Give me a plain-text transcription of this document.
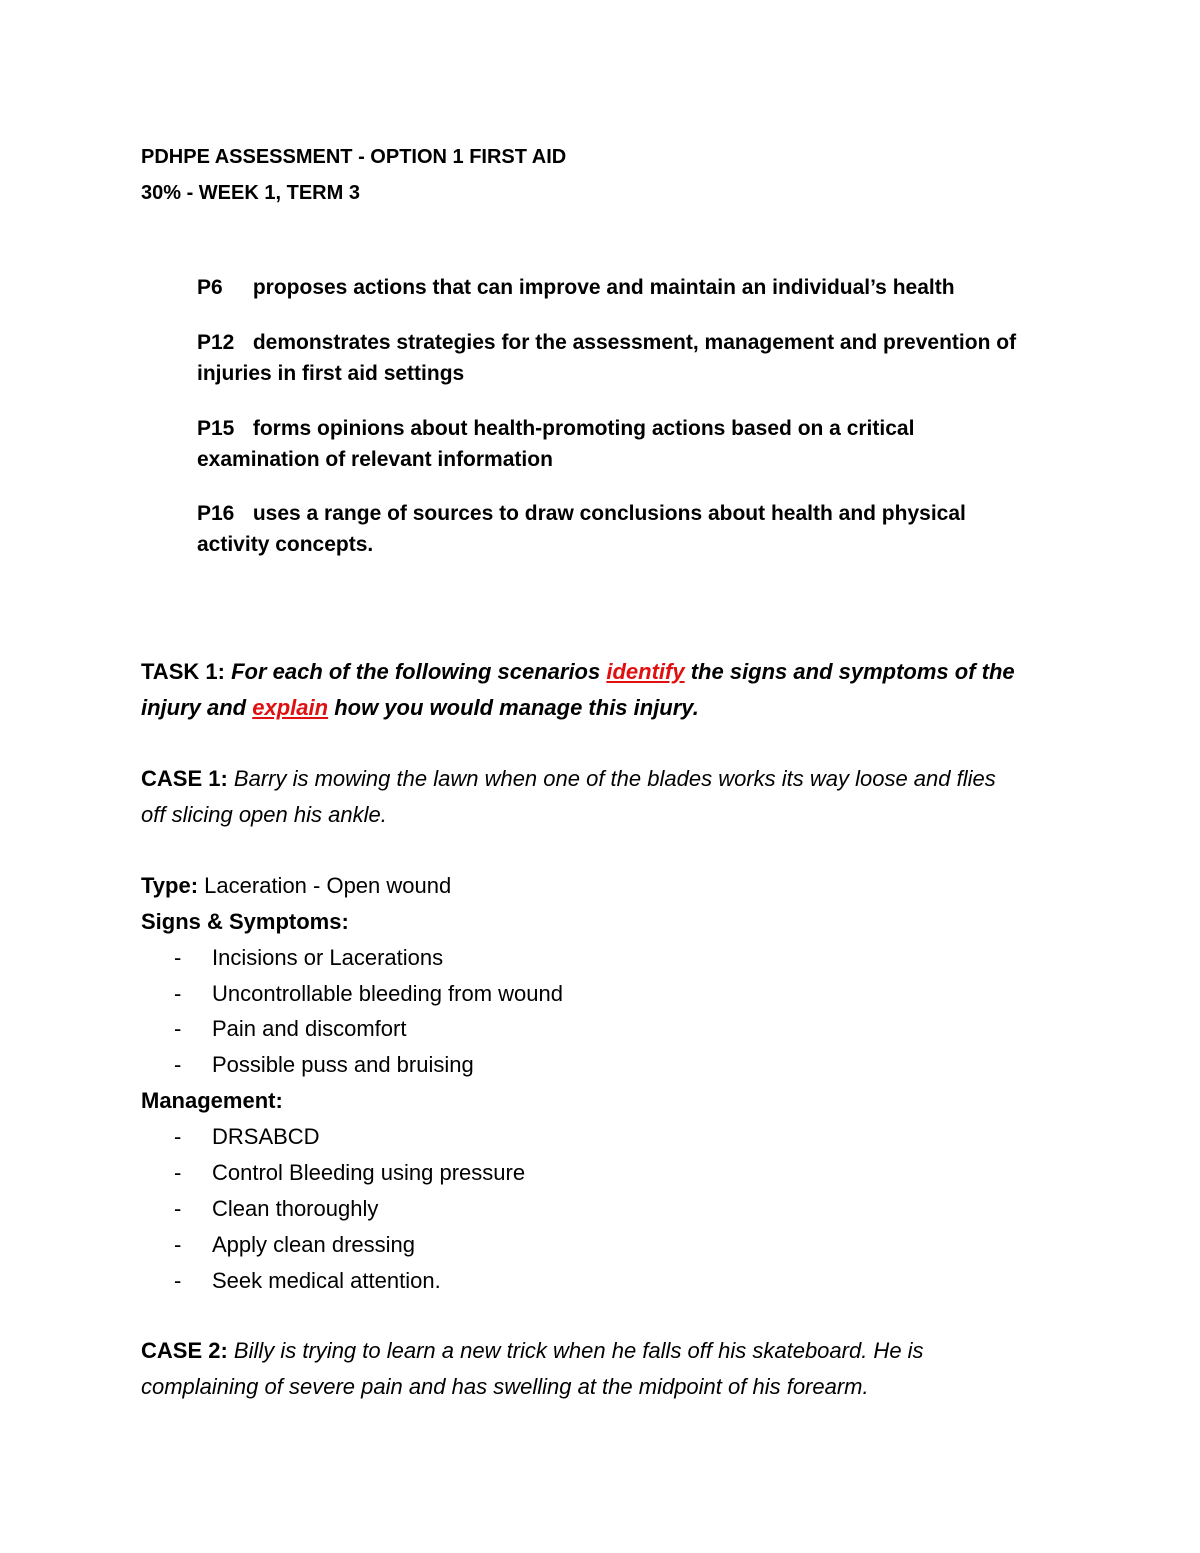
PDHPE ASSESSMENT - OPTION 1 FIRST AID
30% - WEEK 1, TERM 3
P6 proposes actions that can improve and maintain an individual’s health
P12 demonstrates strategies for the assessment, management and prevention of
injuries in first aid settings
P15 forms opinions about health-promoting actions based on a critical
examination of relevant information
P16 uses a range of sources to draw conclusions about health and physical
activity concepts.
TASK 1: For each of the following scenarios identify the signs and symptoms of the
injury and explain how you would manage this injury.
CASE 1: Barry is mowing the lawn when one of the blades works its way loose and flies
off slicing open his ankle.
Type: Laceration - Open wound
Signs & Symptoms:
- Incisions or Lacerations
- Uncontrollable bleeding from wound
- Pain and discomfort
- Possible puss and bruising
Management:
- DRSABCD
- Control Bleeding using pressure
- Clean thoroughly
- Apply clean dressing
- Seek medical attention.
CASE 2: Billy is trying to learn a new trick when he falls off his skateboard. He is
complaining of severe pain and has swelling at the midpoint of his forearm.
